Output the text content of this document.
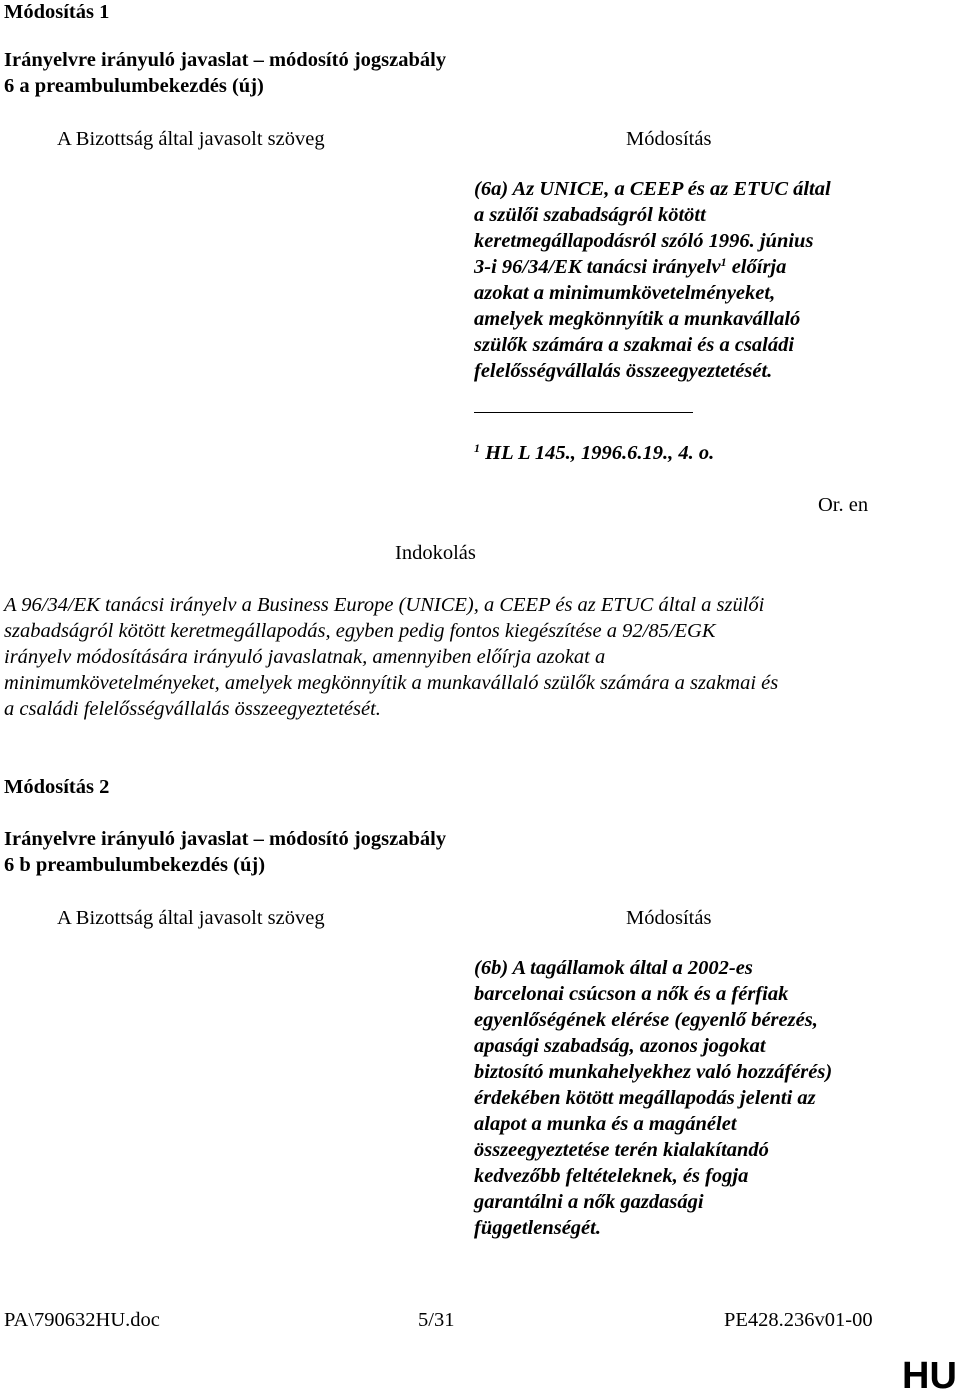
Módosítás 1

Irányelvre irányuló javaslat – módosító jogszabály

6 a preambulumbekezdés (új)

A Bizottság által javasolt szöveg	Módosítás

(6a) Az UNICE, a CEEP és az ETUC által
a szülői szabadságról kötött
keretmegállapodásról szóló 1996. június
3-i 96/34/EK tanácsi irányelv$^1$ előírja
azokat a minimumkövetelményeket,
amelyek megkönnyítik a munkavállaló
szülők számára a szakmai és a családi
felelősségvállalás összeegyeztetését.

$^1$ HL L 145., 1996.6.19., 4. o.

Or. en

Indokolás

A 96/34/EK tanácsi irányelv a Business Europe (UNICE), a CEEP és az ETUC által a szülői
szabadságról kötött keretmegállapodás, egyben pedig fontos kiegészítése a 92/85/EGK
irányelv módosítására irányuló javaslatnak, amennyiben előírja azokat a
minimumkövetelményeket, amelyek megkönnyítik a munkavállaló szülők számára a szakmai és
a családi felelősségvállalás összeegyeztetését.

Módosítás 2

Irányelvre irányuló javaslat – módosító jogszabály

6 b preambulumbekezdés (új)

A Bizottság által javasolt szöveg	Módosítás

(6b) A tagállamok által a 2002-es
barcelonai csúcson a nők és a férfiak
egyenlőségének elérése (egyenlő bérezés,
apasági szabadság, azonos jogokat
biztosító munkahelyekhez való hozzáférés)
érdekében kötött megállapodás jelenti az
alapot a munka és a magánélet
összeegyeztetése terén kialakítandó
kedvezőbb feltételeknek, és fogja
garantálni a nők gazdasági
függetlenségét.

PA\790632HU.doc	5/31	PE428.236v01-00

HU
